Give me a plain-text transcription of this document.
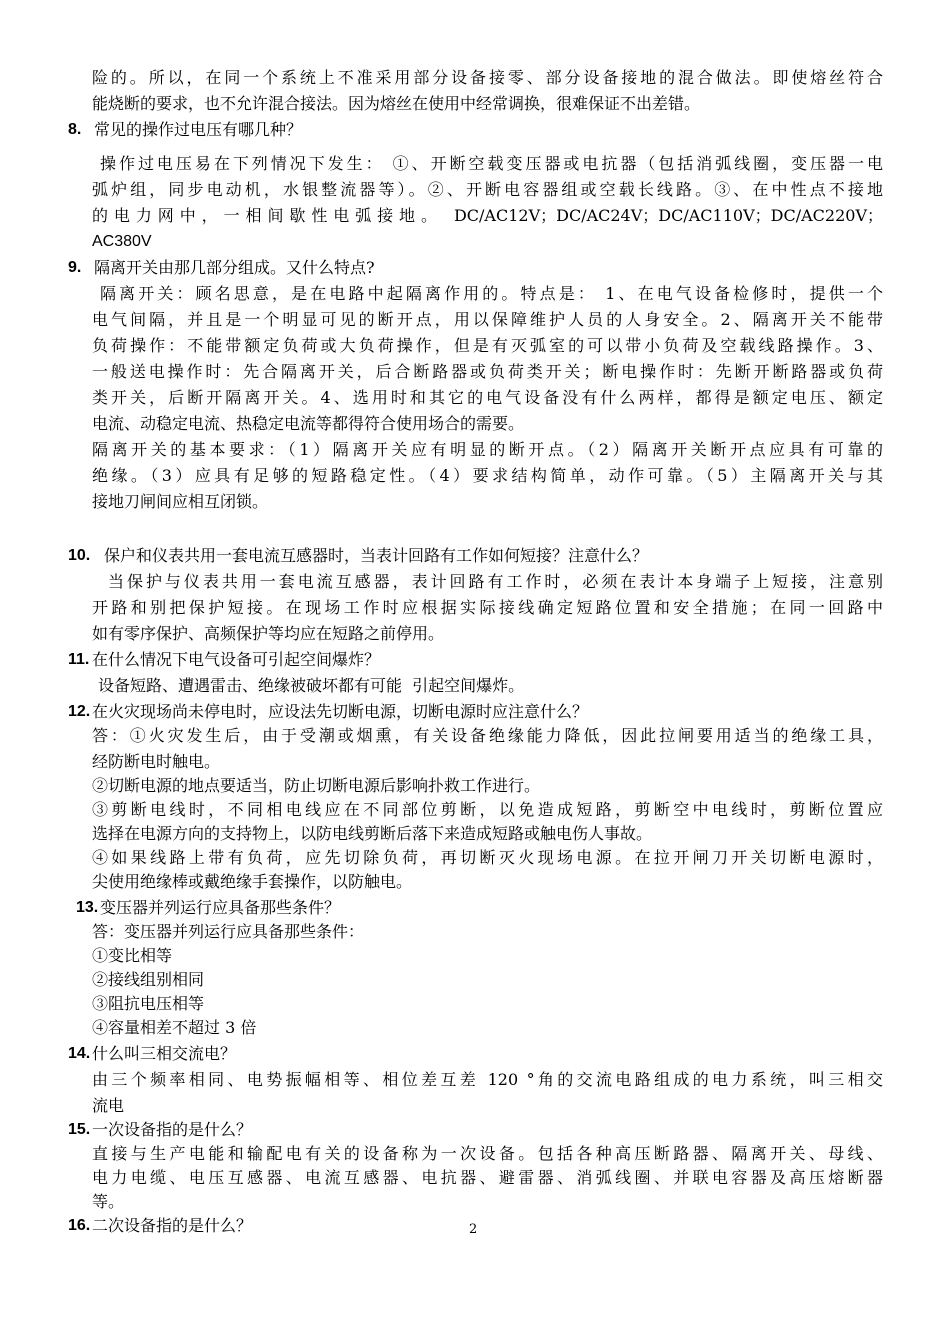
险的。所以，在同一个系统上不准采用部分设备接零、部分设备接地的混合做法。即使熔丝符合
能烧断的要求，也不允许混合接法。因为熔丝在使用中经常调换，很难保证不出差错。
8. 常见的操作过电压有哪几种？
操作过电压易在下列情况下发生： ①、开断空载变压器或电抗器（包括消弧线圈，变压器一电
弧炉组，同步电动机，水银整流器等）。②、开断电容器组或空载长线路。③、在中性点不接地
的电力网中，一相间歇性电弧接地。 DC/AC12V；DC/AC24V；DC/AC110V；DC/AC220V；
AC380V
9. 隔离开关由那几部分组成。又什么特点?
隔离开关：顾名思意，是在电路中起隔离作用的。特点是： 1、在电气设备检修时，提供一个
电气间隔，并且是一个明显可见的断开点，用以保障维护人员的人身安全。2、隔离开关不能带
负荷操作：不能带额定负荷或大负荷操作，但是有灭弧室的可以带小负荷及空载线路操作。3、
一般送电操作时：先合隔离开关，后合断路器或负荷类开关；断电操作时：先断开断路器或负荷
类开关，后断开隔离开关。4、选用时和其它的电气设备没有什么两样，都得是额定电压、额定
电流、动稳定电流、热稳定电流等都得符合使用场合的需要。
隔离开关的基本要求：（1）隔离开关应有明显的断开点。（2）隔离开关断开点应具有可靠的
绝缘。（3）应具有足够的短路稳定性。（4）要求结构简单，动作可靠。（5）主隔离开关与其
接地刀闸间应相互闭锁。
10. 保户和仪表共用一套电流互感器时，当表计回路有工作如何短接？注意什么？
当保护与仪表共用一套电流互感器，表计回路有工作时，必须在表计本身端子上短接，注意别
开路和别把保护短接。在现场工作时应根据实际接线确定短路位置和安全措施；在同一回路中
如有零序保护、高频保护等均应在短路之前停用。
11. 在什么情况下电气设备可引起空间爆炸？
设备短路、遭遇雷击、绝缘被破坏都有可能  引起空间爆炸。
12. 在火灾现场尚未停电时，应设法先切断电源，切断电源时应注意什么？
答：①火灾发生后，由于受潮或烟熏，有关设备绝缘能力降低，因此拉闸要用适当的绝缘工具，
经防断电时触电。
②切断电源的地点要适当，防止切断电源后影响扑救工作进行。
③剪断电线时，不同相电线应在不同部位剪断，以免造成短路，剪断空中电线时，剪断位置应
选择在电源方向的支持物上，以防电线剪断后落下来造成短路或触电伤人事故。
④如果线路上带有负荷，应先切除负荷，再切断灭火现场电源。在拉开闸刀开关切断电源时，
尖使用绝缘棒或戴绝缘手套操作，以防触电。
13. 变压器并列运行应具备那些条件？
答：变压器并列运行应具备那些条件：
①变比相等
②接线组别相同
③阻抗电压相等
④容量相差不超过 3 倍
14. 什么叫三相交流电？
由三个频率相同、电势振幅相等、相位差互差 120 °角的交流电路组成的电力系统，叫三相交
流电
15. 一次设备指的是什么？
直接与生产电能和输配电有关的设备称为一次设备。包括各种高压断路器、隔离开关、母线、
电力电缆、电压互感器、电流互感器、电抗器、避雷器、消弧线圈、并联电容器及高压熔断器
等。
16. 二次设备指的是什么？	2
